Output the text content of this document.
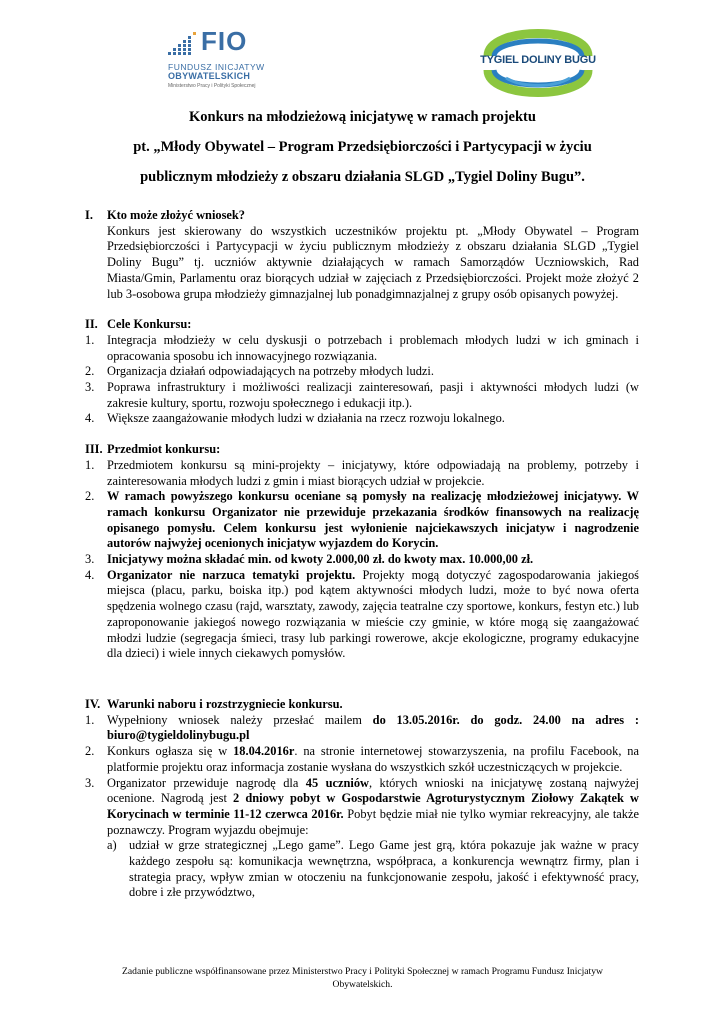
FIO
FUNDUSZ INICJATYW
OBYWATELSKICH
Ministerstwo Pracy i Polityki Społecznej
TYGIEL DOLINY BUGU
Konkurs na młodzieżową inicjatywę w ramach projektu
pt. „Młody Obywatel – Program Przedsiębiorczości i Partycypacji w życiu
publicznym młodzieży z obszaru działania SLGD „Tygiel Doliny Bugu”.
I. Kto może złożyć wniosek?

Konkurs jest skierowany do wszystkich uczestników projektu pt. „Młody Obywatel – Program Przedsiębiorczości i Partycypacji w życiu publicznym młodzieży z obszaru działania SLGD „Tygiel Doliny Bugu” tj. uczniów aktywnie działających w ramach Samorządów Uczniowskich, Rad Miasta/Gmin, Parlamentu oraz biorących udział w zajęciach z Przedsiębiorczości. Projekt może złożyć 2 lub 3-osobowa grupa młodzieży gimnazjalnej lub ponadgimnazjalnej z grupy osób opisanych powyżej.

II. Cele Konkursu:
1. Integracja młodzieży w celu dyskusji o potrzebach i problemach młodych ludzi w ich gminach i opracowania sposobu ich innowacyjnego rozwiązania.
2. Organizacja działań odpowiadających na potrzeby młodych ludzi.
3. Poprawa infrastruktury i możliwości realizacji zainteresowań, pasji i aktywności młodych ludzi (w zakresie kultury, sportu, rozwoju społecznego i edukacji itp.).
4. Większe zaangażowanie młodych ludzi w działania na rzecz rozwoju lokalnego.
III. Przedmiot konkursu:
1. Przedmiotem konkursu są mini-projekty – inicjatywy, które odpowiadają na problemy, potrzeby i zainteresowania młodych ludzi z gmin i miast biorących udział w projekcie.
2. W ramach powyższego konkursu oceniane są pomysły na realizację młodzieżowej inicjatywy. W ramach konkursu Organizator nie przewiduje przekazania środków finansowych na realizację opisanego pomysłu. Celem konkursu jest wyłonienie najciekawszych inicjatyw i nagrodzenie autorów najwyżej ocenionych inicjatyw wyjazdem do Korycin.
3. Inicjatywy można składać min. od kwoty 2.000,00 zł. do kwoty max. 10.000,00 zł.
4. Organizator nie narzuca tematyki projektu. Projekty mogą dotyczyć zagospodarowania jakiegoś miejsca (placu, parku, boiska itp.) pod kątem aktywności młodych ludzi, może to być nowa oferta spędzenia wolnego czasu (rajd, warsztaty, zawody, zajęcia teatralne czy sportowe, konkurs, festyn etc.) lub zaproponowanie jakiegoś nowego rozwiązania w mieście czy gminie, w które mogą się zaangażować młodzi ludzie (segregacja śmieci, trasy lub parkingi rowerowe, akcje ekologiczne, programy edukacyjne dla dzieci) i wiele innych ciekawych pomysłów.
IV. Warunki naboru i rozstrzygniecie konkursu.
1. Wypełniony wniosek należy przesłać mailem do 13.05.2016r. do godz. 24.00 na adres : biuro@tygieldolinybugu.pl
2. Konkurs ogłasza się w 18.04.2016r. na stronie internetowej stowarzyszenia, na profilu Facebook, na platformie projektu oraz informacja zostanie wysłana do wszystkich szkół uczestniczących w projekcie.
3. Organizator przewiduje nagrodę dla 45 uczniów, których wnioski na inicjatywę zostaną najwyżej ocenione. Nagrodą jest 2 dniowy pobyt w Gospodarstwie Agroturystycznym Ziołowy Zakątek w Korycinach w terminie 11-12 czerwca 2016r. Pobyt będzie miał nie tylko wymiar rekreacyjny, ale także poznawczy. Program wyjazdu obejmuje:
a) udział w grze strategicznej „Lego game”. Lego Game jest grą, która pokazuje jak ważne w pracy każdego zespołu są: komunikacja wewnętrzna, współpraca, a konkurencja wewnątrz firmy, plan i strategia pracy, wpływ zmian w otoczeniu na funkcjonowanie zespołu, jakość i efektywność pracy, dobre i złe przywództwo,
Zadanie publiczne współfinansowane przez Ministerstwo Pracy i Polityki Społecznej w ramach Programu Fundusz Inicjatyw
Obywatelskich.
